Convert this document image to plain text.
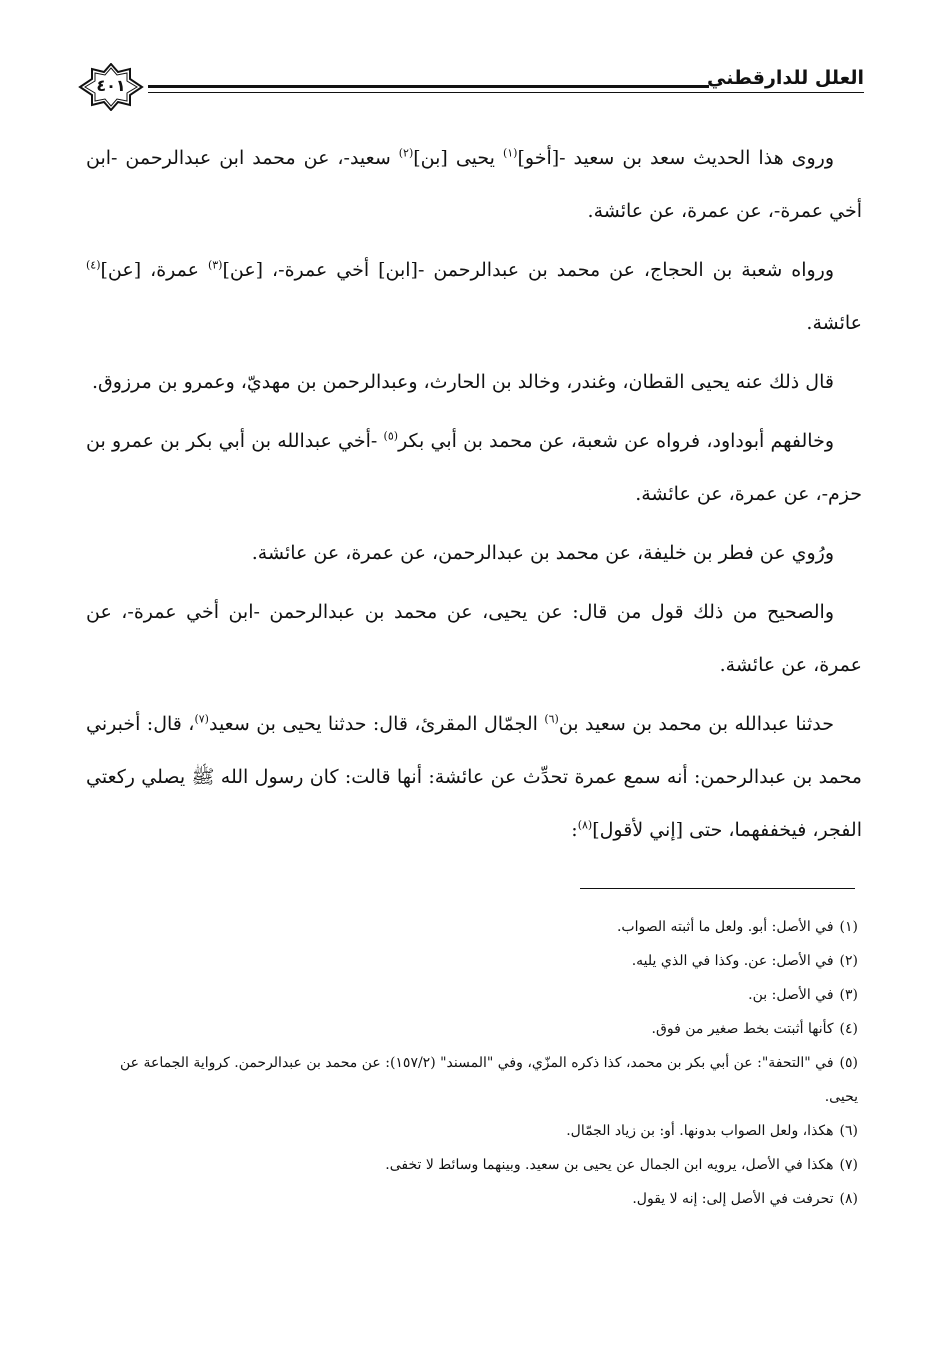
٤٠١	العلل للدارقطني

وروى هذا الحديث سعد بن سعيد -[أخو]$^{(١)}$ يحيى [بن]$^{(٢)}$ سعيد-، عن محمد ابن عبدالرحمن -ابن أخي عمرة-، عن عمرة، عن عائشة.

ورواه شعبة بن الحجاج، عن محمد بن عبدالرحمن -[ابن] أخي عمرة-، [عن]$^{(٣)}$ عمرة، [عن]$^{(٤)}$ عائشة.

قال ذلك عنه يحيى القطان، وغندر، وخالد بن الحارث، وعبدالرحمن بن مهديّ، وعمرو بن مرزوق.

وخالفهم أبوداود، فرواه عن شعبة، عن محمد بن أبي بكر$^{(٥)}$ -أخي عبدالله بن أبي بكر بن عمرو بن حزم-، عن عمرة، عن عائشة.

ورُوي عن فطر بن خليفة، عن محمد بن عبدالرحمن، عن عمرة، عن عائشة.

والصحيح من ذلك قول من قال: عن يحيى، عن محمد بن عبدالرحمن -ابن أخي عمرة-، عن عمرة، عن عائشة.

حدثنا عبدالله بن محمد بن سعيد بن$^{(٦)}$ الجمّال المقرئ، قال: حدثنا يحيى بن سعيد$^{(٧)}$، قال: أخبرني محمد بن عبدالرحمن: أنه سمع عمرة تحدِّث عن عائشة: أنها قالت: كان رسول الله ﷺ يصلي ركعتي الفجر، فيخففهما، حتى [إني لأقول]$^{(٨)}$:

(١)في الأصل: أبو. ولعل ما أثبته الصواب.
(٢)في الأصل: عن. وكذا في الذي يليه.
(٣)في الأصل: بن.
(٤)كأنها أثبتت بخط صغير من فوق.
(٥)في "التحفة": عن أبي بكر بن محمد، كذا ذكره المزّي، وفي "المسند" (١٥٧/٢): عن محمد بن عبدالرحمن. كرواية الجماعة عن يحيى.
(٦)هكذا، ولعل الصواب بدونها. أو: بن زياد الجمّال.
(٧)هكذا في الأصل، يرويه ابن الجمال عن يحيى بن سعيد. وبينهما وسائط لا تخفى.
(٨)تحرفت في الأصل إلى: إنه لا يقول.
